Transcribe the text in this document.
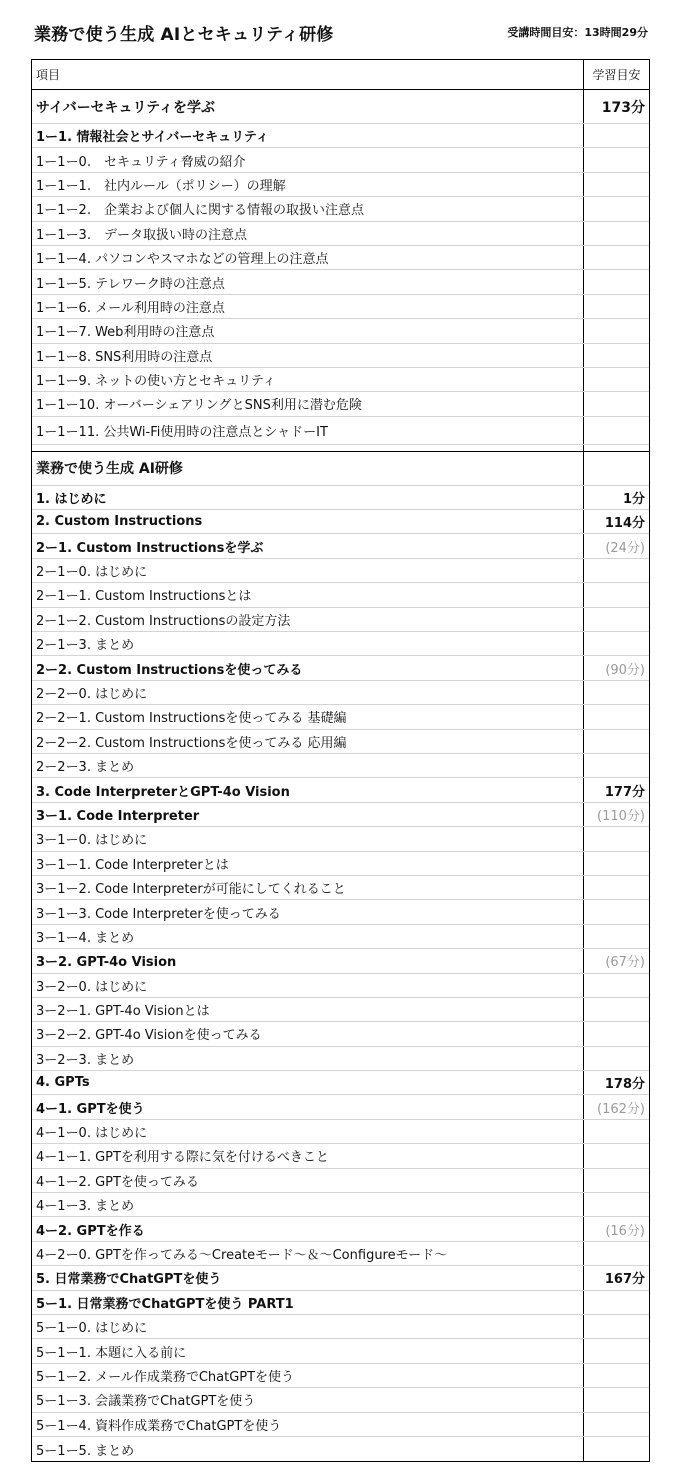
業務で使う生成 AIとセキュリティ研修	受講時間目安：13時間29分
項目	学習目安
サイバーセキュリティを学ぶ	173分
1ー1. 情報社会とサイバーセキュリティ
1ー1ー0.　セキュリティ脅威の紹介
1ー1ー1.　社内ルール（ポリシー）の理解
1ー1ー2.　企業および個人に関する情報の取扱い注意点
1ー1ー3.　データ取扱い時の注意点
1ー1ー4. パソコンやスマホなどの管理上の注意点
1ー1ー5. テレワーク時の注意点
1ー1ー6. メール利用時の注意点
1ー1ー7. Web利用時の注意点
1ー1ー8. SNS利用時の注意点
1ー1ー9. ネットの使い方とセキュリティ
1ー1ー10. オーバーシェアリングとSNS利用に潜む危険
1ー1ー11. 公共Wi-Fi使用時の注意点とシャドーIT
業務で使う生成 AI研修
1. はじめに	1分
2. Custom Instructions	114分
2ー1. Custom Instructionsを学ぶ	(24分)
2ー1ー0. はじめに
2ー1ー1. Custom Instructionsとは
2ー1ー2. Custom Instructionsの設定方法
2ー1ー3. まとめ
2ー2. Custom Instructionsを使ってみる	(90分)
2ー2ー0. はじめに
2ー2ー1. Custom Instructionsを使ってみる 基礎編
2ー2ー2. Custom Instructionsを使ってみる 応用編
2ー2ー3. まとめ
3. Code InterpreterとGPT-4o Vision	177分
3ー1. Code Interpreter	(110分)
3ー1ー0. はじめに
3ー1ー1. Code Interpreterとは
3ー1ー2. Code Interpreterが可能にしてくれること
3ー1ー3. Code Interpreterを使ってみる
3ー1ー4. まとめ
3ー2. GPT-4o Vision	(67分)
3ー2ー0. はじめに
3ー2ー1. GPT-4o Visionとは
3ー2ー2. GPT-4o Visionを使ってみる
3ー2ー3. まとめ
4. GPTs	178分
4ー1. GPTを使う	(162分)
4ー1ー0. はじめに
4ー1ー1. GPTを利用する際に気を付けるべきこと
4ー1ー2. GPTを使ってみる
4ー1ー3. まとめ
4ー2. GPTを作る	(16分)
4ー2ー0. GPTを作ってみる～Createモード～＆～Configureモード～
5. 日常業務でChatGPTを使う	167分
5ー1. 日常業務でChatGPTを使う PART1
5ー1ー0. はじめに
5ー1ー1. 本題に入る前に
5ー1ー2. メール作成業務でChatGPTを使う
5ー1ー3. 会議業務でChatGPTを使う
5ー1ー4. 資料作成業務でChatGPTを使う
5ー1ー5. まとめ
